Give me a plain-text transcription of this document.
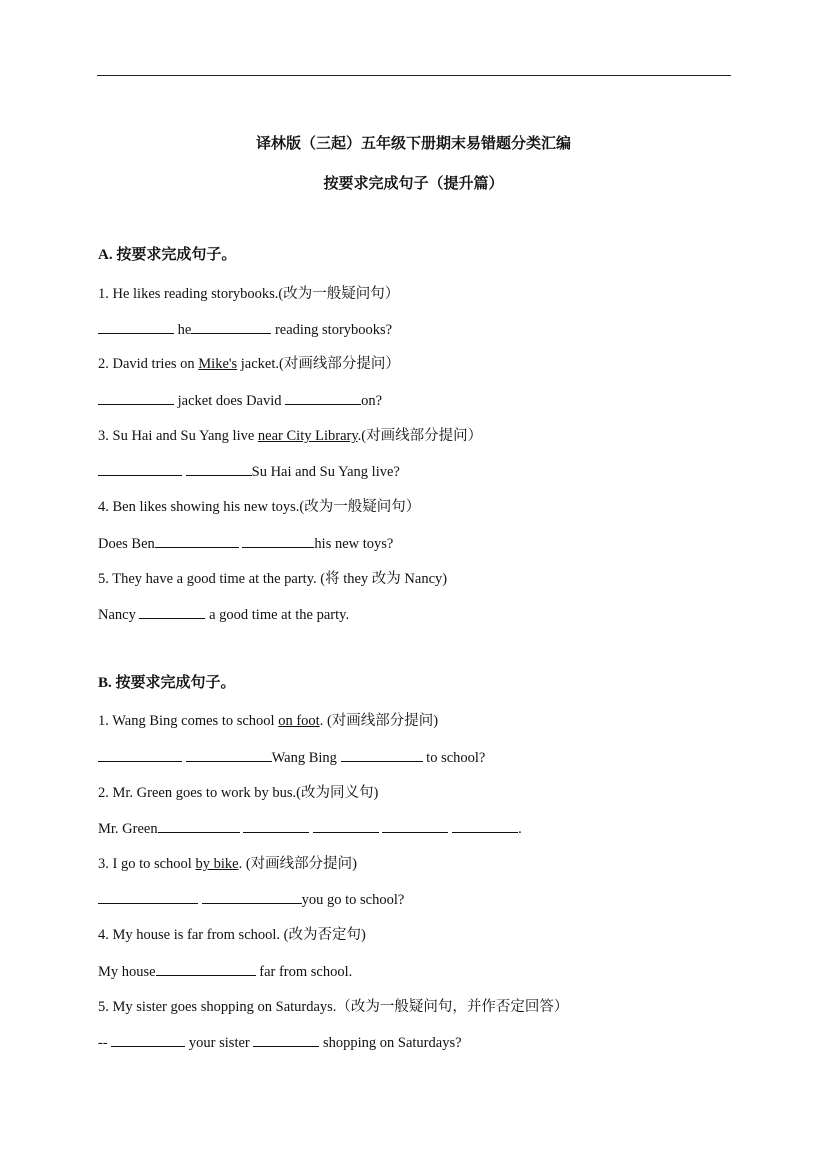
译林版（三起）五年级下册期末易错题分类汇编
按要求完成句子（提升篇）
A. 按要求完成句子。
1. He likes reading storybooks.(改为一般疑问句）
he	reading storybooks?
2. David tries on Mike's jacket.(对画线部分提问）
jacket does David	on?
3. Su Hai and Su Yang live near City Library.(对画线部分提问）
Su Hai and Su Yang live?
4. Ben likes showing his new toys.(改为一般疑问句）
Does Ben	his new toys?
5. They have a good time at the party. (将 they 改为 Nancy)
Nancy	a good time at the party.
B. 按要求完成句子。
1. Wang Bing comes to school on foot. (对画线部分提问)
Wang Bing	to school?
2. Mr. Green goes to work by bus.(改为同义句)
Mr. Green	.
3. I go to school by bike. (对画线部分提问)
you go to school?
4. My house is far from school. (改为否定句)
My house	far from school.
5. My sister goes shopping on Saturdays.（改为一般疑问句，并作否定回答）
--	your sister	shopping on Saturdays?
